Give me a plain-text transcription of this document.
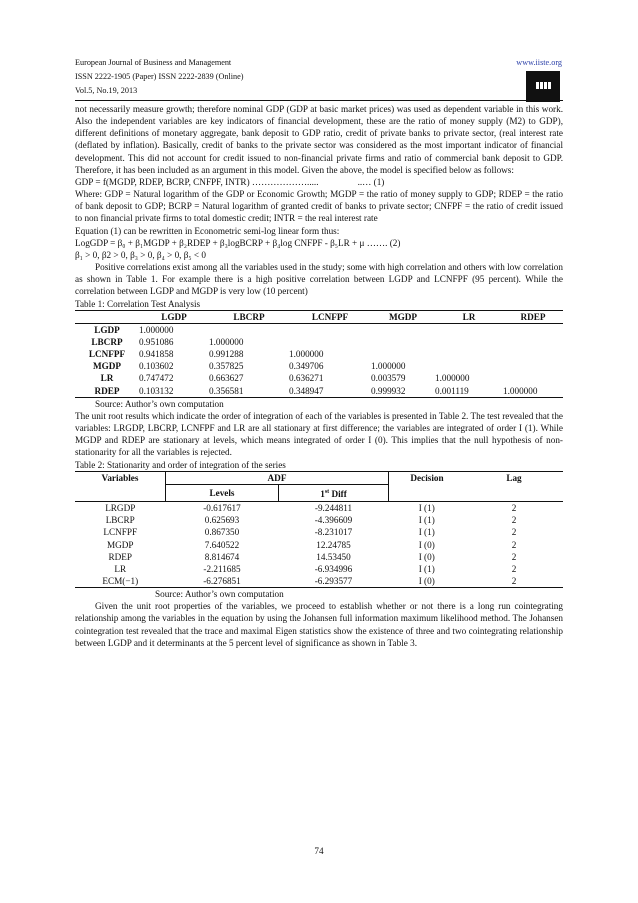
European Journal of Business and Management
ISSN 2222-1905 (Paper) ISSN 2222-2839 (Online)
Vol.5, No.19, 2013
www.iiste.org

not necessarily measure growth; therefore nominal GDP (GDP at basic market prices) was used as dependent variable in this work. Also the independent variables are key indicators of financial development, these are the ratio of money supply (M2) to GDP), different definitions of monetary aggregate, bank deposit to GDP ratio, credit of private banks to private sector, (real interest rate (deflated by inflation). Basically, credit of banks to the private sector was considered as the most important indicator of financial development. This did not account for credit issued to non-financial private firms and ratio of commercial bank deposit to GDP. Therefore, it has been included as an argument in this model. Given the above, the model is specified below as follows:

GDP = f(MGDP, RDEP, BCRP, CNFPF, INTR) ……………….....                 ..… (1)

Where: GDP = Natural logarithm of the GDP or Economic Growth; MGDP = the ratio of money supply to GDP; RDEP = the ratio of bank deposit to GDP; BCRP = Natural logarithm of granted credit of banks to private sector; CNFPF = the ratio of credit issued to non financial private firms to total domestic credit; INTR = the real interest rate

Equation (1) can be rewritten in Econometric semi-log linear form thus:

LogGDP = β₀ + β₁MGDP + β₂RDEP + β₃logBCRP + β₄log CNFPF - β₅LR + μ ……. (2)

β₁ > 0, β2 > 0, β₃ > 0, β₄ > 0, β₅ < 0

Positive correlations exist among all the variables used in the study; some with high correlation and others with low correlation as shown in Table 1. For example there is a high positive correlation between LGDP and LCNFPF (95 percent). While the correlation between LGDP and MGDP is very low (10 percent)

Table 1: Correlation Test Analysis

	LGDP	LBCRP	LCNFPF	MGDP	LR	RDEP
LGDP	1.000000					
LBCRP	0.951086	1.000000				
LCNFPF	0.941858	0.991288	1.000000			
MGDP	0.103602	0.357825	0.349706	1.000000		
LR	0.747472	0.663627	0.636271	0.003579	1.000000	
RDEP	0.103132	0.356581	0.348947	0.999932	0.001119	1.000000

Source: Author’s own computation

The unit root results which indicate the order of integration of each of the variables is presented in Table 2. The test revealed that the variables: LRGDP, LBCRP, LCNFPF and LR are all stationary at first difference; the variables are integrated of order I (1). While MGDP and RDEP are stationary at levels, which means integrated of order I (0). This implies that the null hypothesis of non-stationarity for all the variables is rejected.

Table 2: Stationarity and order of integration of the series

Variables	ADF		Decision	Lag
	Levels	1st Diff		
LRGDP	-0.617617	-9.244811	I (1)	2
LBCRP	0.625693	-4.396609	I (1)	2
LCNFPF	0.867350	-8.231017	I (1)	2
MGDP	7.640522	12.24785	I (0)	2
RDEP	8.814674	14.53450	I (0)	2
LR	-2.211685	-6.934996	I (1)	2
ECM(−1)	-6.276851	-6.293577	I (0)	2

Source: Author’s own computation

Given the unit root properties of the variables, we proceed to establish whether or not there is a long run cointegrating relationship among the variables in the equation by using the Johansen full information maximum likelihood method. The Johansen cointegration test revealed that the trace and maximal Eigen statistics show the existence of three and two cointegrating relationship between LGDP and it determinants at the 5 percent level of significance as shown in Table 3.

74
